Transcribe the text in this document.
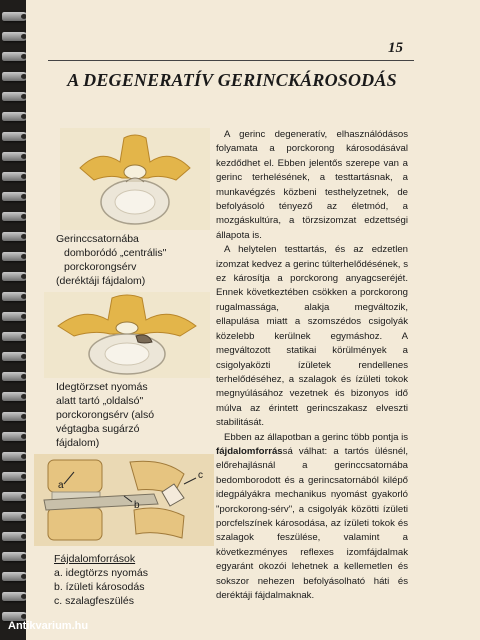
15
A DEGENERATÍV GERINCKÁROSODÁS
Gerinccsatornába
domboródó „centrális"
porckorongsérv
(deréktáji fájdalom)
Idegtörzset nyomás
alatt tartó „oldalsó"
porckorongsérv (alsó
végtagba sugárzó
fájdalom)
a
b
c
Fájdalomforrások
a. idegtörzs nyomás
b. ízületi károsodás
c. szalagfeszülés

A gerinc degeneratív, elhasználódásos folyamata a porckorong károsodásával kezdődhet el. Ebben jelentős szerepe van a gerinc terhelésének, a testtartásnak, a munkavégzés közbeni testhelyzetnek, de befolyásoló tényező az életmód, a mozgáskultúra, a törzsizomzat edzettségi állapota is.

A helytelen testtartás, és az edzetlen izomzat kedvez a gerinc túlterhelődésének, s ez károsítja a porckorong anyagcseréjét. Ennek következtében csökken a porckorong rugalmassága, alakja megváltozik, ellapulása miatt a szomszédos csigolyák közelebb kerülnek egymáshoz. A megváltozott statikai körülmények a csigolyaközti ízületek rendellenes terhelődéséhez, a szalagok és ízületi tokok megnyúlásához vezetnek és bizonyos idő múlva az érintett gerincszakasz elveszti stabilitását.

Ebben az állapotban a gerinc több pontja is fájdalomforrássá válhat: a tartós ülésnél, előrehajlásnál a gerinccsatornába bedomborodott és a gerincsatornából kilépő idegpályákra mechanikus nyomást gyakorló "porckorong-sérv", a csigolyák közötti ízületi porcfelszínek károsodása, az ízületi tokok és szalagok feszülése, valamint a következményes reflexes izomfájdalmak egyaránt okozói lehetnek a kellemetlen és sokszor nehezen befolyásolható háti és deréktáji fájdalmaknak.

Antikvarium.hu
